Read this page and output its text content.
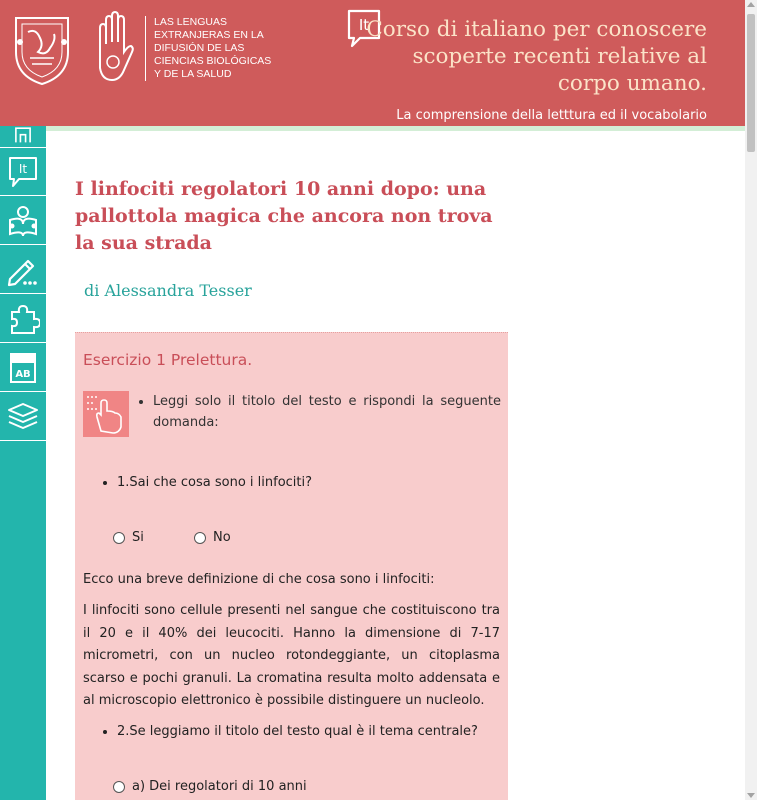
LAS LENGUAS
EXTRANJERAS EN LA
DIFUSIÓN DE LAS
CIENCIAS BIOLÓGICAS
Y DE LA SALUD
It
Corso di italiano per conoscere scoperte recenti relative al corpo umano.
La comprensione della letttura ed il vocabolario
It
AB
I linfociti regolatori 10 anni dopo: una pallottola magica che ancora non trova la sua strada
di Alessandra Tesser
Esercizio 1 Prelettura.
• Leggi solo il titolo del testo e rispondi la seguente domanda:
• 1.Sai che cosa sono i linfociti?
Si	No
Ecco una breve definizione di che cosa sono i linfociti:
I linfociti sono cellule presenti nel sangue che costituiscono tra il 20 e il 40% dei leucociti. Hanno la dimensione di 7-17 micrometri, con un nucleo rotondeggiante, un citoplasma scarso e pochi granuli. La cromatina resulta molto addensata e al microscopio elettronico è possibile distinguere un nucleolo.
• 2.Se leggiamo il titolo del testo qual è il tema centrale?
a) Dei regolatori di 10 anni
